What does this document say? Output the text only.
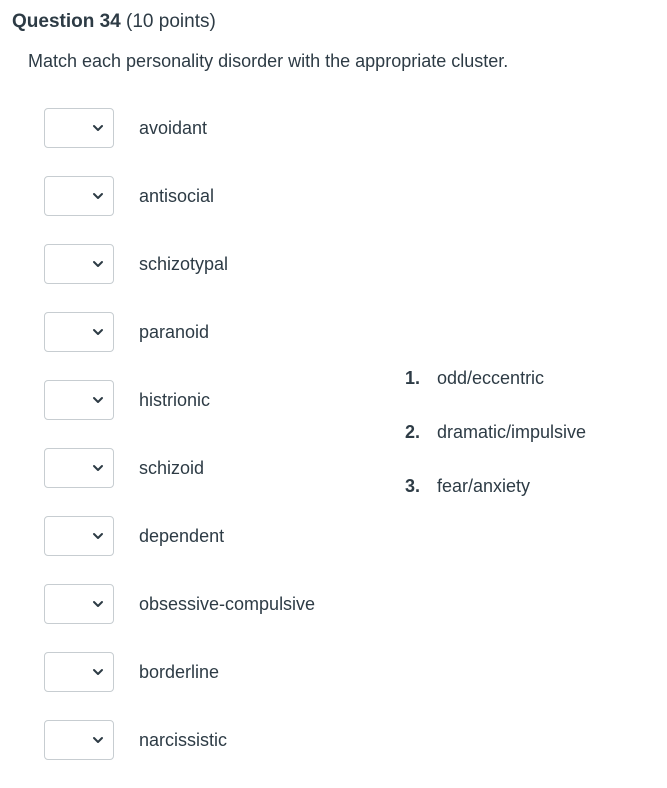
Question 34 (10 points)
Match each personality disorder with the appropriate cluster.
avoidant
antisocial
schizotypal
paranoid
histrionic
schizoid
dependent
obsessive-compulsive
borderline
narcissistic
1. odd/eccentric
2. dramatic/impulsive
3. fear/anxiety
